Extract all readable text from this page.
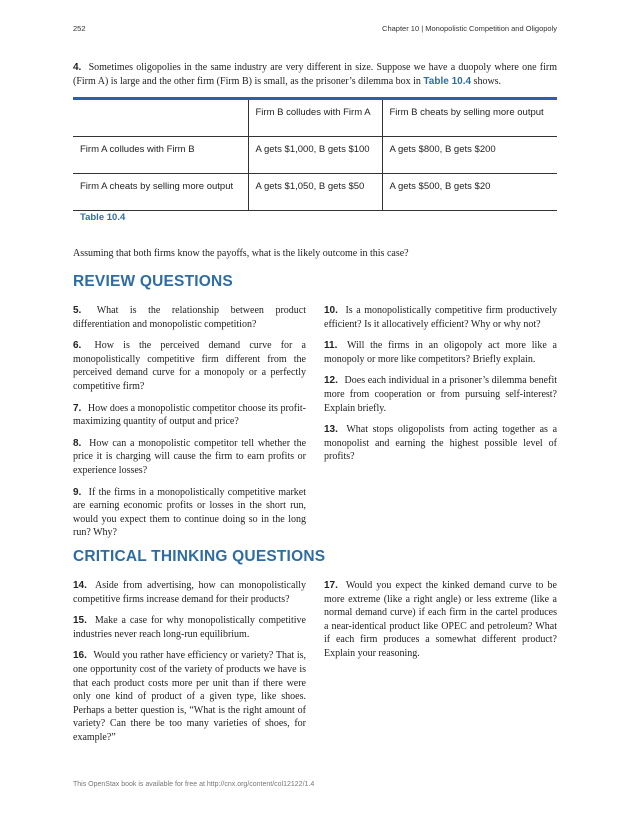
252	Chapter 10 | Monopolistic Competition and Oligopoly

4. Sometimes oligopolies in the same industry are very different in size. Suppose we have a duopoly where one firm (Firm A) is large and the other firm (Firm B) is small, as the prisoner’s dilemma box in Table 10.4 shows.

	Firm B colludes with Firm A	Firm B cheats by selling more output
Firm A colludes with Firm B	A gets $1,000, B gets $100	A gets $800, B gets $200
Firm A cheats by selling more output	A gets $1,050, B gets $50	A gets $500, B gets $20
Table 10.4

Assuming that both firms know the payoffs, what is the likely outcome in this case?

REVIEW QUESTIONS

5. What is the relationship between product differentiation and monopolistic competition?

6. How is the perceived demand curve for a monopolistically competitive firm different from the perceived demand curve for a monopoly or a perfectly competitive firm?

7. How does a monopolistic competitor choose its profit-maximizing quantity of output and price?

8. How can a monopolistic competitor tell whether the price it is charging will cause the firm to earn profits or experience losses?

9. If the firms in a monopolistically competitive market are earning economic profits or losses in the short run, would you expect them to continue doing so in the long run? Why?

10. Is a monopolistically competitive firm productively efficient? Is it allocatively efficient? Why or why not?

11. Will the firms in an oligopoly act more like a monopoly or more like competitors? Briefly explain.

12. Does each individual in a prisoner’s dilemma benefit more from cooperation or from pursuing self-interest? Explain briefly.

13. What stops oligopolists from acting together as a monopolist and earning the highest possible level of profits?

CRITICAL THINKING QUESTIONS

14. Aside from advertising, how can monopolistically competitive firms increase demand for their products?

15. Make a case for why monopolistically competitive industries never reach long-run equilibrium.

16. Would you rather have efficiency or variety? That is, one opportunity cost of the variety of products we have is that each product costs more per unit than if there were only one kind of product of a given type, like shoes. Perhaps a better question is, “What is the right amount of variety? Can there be too many varieties of shoes, for example?”

17. Would you expect the kinked demand curve to be more extreme (like a right angle) or less extreme (like a normal demand curve) if each firm in the cartel produces a near-identical product like OPEC and petroleum? What if each firm produces a somewhat different product? Explain your reasoning.

This OpenStax book is available for free at http://cnx.org/content/col12122/1.4
